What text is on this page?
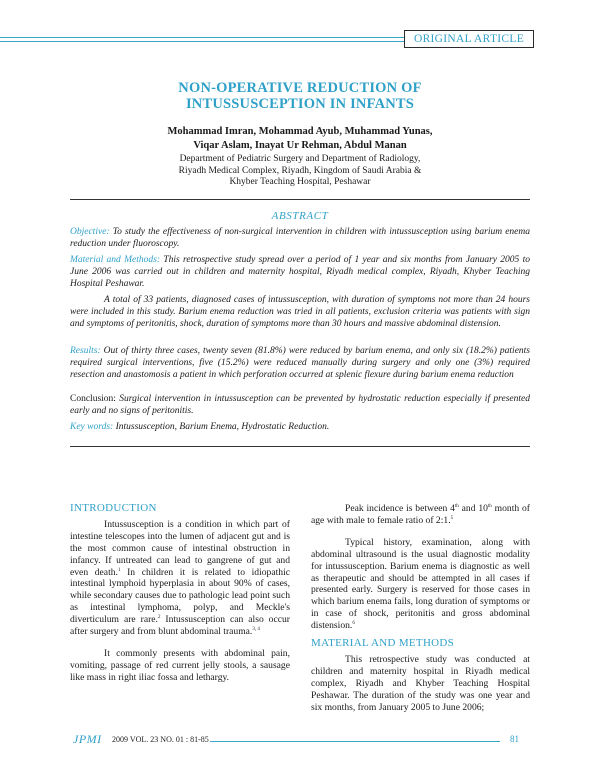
ORIGINAL ARTICLE
NON-OPERATIVE REDUCTION OF
INTUSSUSCEPTION IN INFANTS
Mohammad Imran, Mohammad Ayub, Muhammad Yunas,
Viqar Aslam, Inayat Ur Rehman, Abdul Manan
Department of Pediatric Surgery and Department of Radiology,
Riyadh Medical Complex, Riyadh, Kingdom of Saudi Arabia &
Khyber Teaching Hospital, Peshawar
ABSTRACT
Objective: To study the effectiveness of non-surgical intervention in children with intussusception using barium enema reduction under fluoroscopy.
Material and Methods: This retrospective study spread over a period of 1 year and six months from January 2005 to June 2006 was carried out in children and maternity hospital, Riyadh medical complex, Riyadh, Khyber Teaching Hospital Peshawar.
A total of 33 patients, diagnosed cases of intussusception, with duration of symptoms not more than 24 hours were included in this study. Barium enema reduction was tried in all patients, exclusion criteria was patients with sign and symptoms of peritonitis, shock, duration of symptoms more than 30 hours and massive abdominal distension.
Results: Out of thirty three cases, twenty seven (81.8%) were reduced by barium enema, and only six (18.2%) patients required surgical interventions, five (15.2%) were reduced manually during surgery and only one (3%) required resection and anastomosis a patient in which perforation occurred at splenic flexure during barium enema reduction
Conclusion: Surgical intervention in intussusception can be prevented by hydrostatic reduction especially if presented early and no signs of peritonitis.
Key words: Intussusception, Barium Enema, Hydrostatic Reduction.
INTRODUCTION

Intussusception is a condition in which part of intestine telescopes into the lumen of adjacent gut and is the most common cause of intestinal obstruction in infancy. If untreated can lead to gangrene of gut and even death.$^1$ In children it is related to idiopathic intestinal lymphoid hyperplasia in about 90% of cases, while secondary causes due to pathologic lead point such as intestinal lymphoma, polyp, and Meckle's diverticulum are rare.$^2$ Intussusception can also occur after surgery and from blunt abdominal trauma.$^{3, 4}$

It commonly presents with abdominal pain, vomiting, passage of red current jelly stools, a sausage like mass in right iliac fossa and lethargy.

Peak incidence is between 4th and 10th month of age with male to female ratio of 2:1.$^5$

Typical history, examination, along with abdominal ultrasound is the usual diagnostic modality for intussusception. Barium enema is diagnostic as well as therapeutic and should be attempted in all cases if presented early. Surgery is reserved for those cases in which barium enema fails, long duration of symptoms or in case of shock, peritonitis and gross abdominal distension.$^6$

MATERIAL AND METHODS

This retrospective study was conducted at children and maternity hospital in Riyadh medical complex, Riyadh and Khyber Teaching Hospital Peshawar. The duration of the study was one year and six months, from January 2005 to June 2006;

JPMI 2009 VOL. 23 NO. 01 : 81-85	81
